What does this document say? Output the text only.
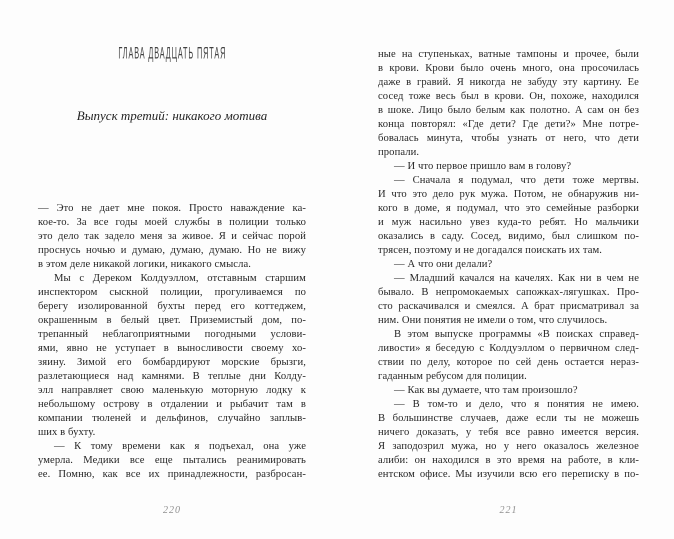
ГЛАВА ДВАДЦАТЬ ПЯТАЯ
Выпуск третий: никакого мотива
— Это не дает мне покоя. Просто наваждение ка-
кое-то. За все годы моей службы в полиции только
это дело так задело меня за живое. Я и сейчас порой
проснусь ночью и думаю, думаю, думаю. Но не вижу
в этом деле никакой логики, никакого смысла.
Мы с Дереком Колдуэллом, отставным старшим
инспектором сыскной полиции, прогуливаемся по
берегу изолированной бухты перед его коттеджем,
окрашенным в белый цвет. Приземистый дом, по-
трепанный неблагоприятными погодными услови-
ями, явно не уступает в выносливости своему хо-
зяину. Зимой его бомбардируют морские брызги,
разлетающиеся над камнями. В теплые дни Колду-
элл направляет свою маленькую моторную лодку к
небольшому острову в отдалении и рыбачит там в
компании тюленей и дельфинов, случайно заплыв-
ших в бухту.
— К тому времени как я подъехал, она уже
умерла. Медики все еще пытались реанимировать
ее. Помню, как все их принадлежности, разбросан-
220
ные на ступеньках, ватные тампоны и прочее, были
в крови. Крови было очень много, она просочилась
даже в гравий. Я никогда не забуду эту картину. Ее
сосед тоже весь был в крови. Он, похоже, находился
в шоке. Лицо было белым как полотно. А сам он без
конца повторял: «Где дети? Где дети?» Мне потре-
бовалась минута, чтобы узнать от него, что дети
пропали.
— И что первое пришло вам в голову?
— Сначала я подумал, что дети тоже мертвы.
И что это дело рук мужа. Потом, не обнаружив ни-
кого в доме, я подумал, что это семейные разборки
и муж насильно увез куда-то ребят. Но мальчики
оказались в саду. Сосед, видимо, был слишком по-
трясен, поэтому и не догадался поискать их там.
— А что они делали?
— Младший качался на качелях. Как ни в чем не
бывало. В непромокаемых сапожках-лягушках. Про-
сто раскачивался и смеялся. А брат присматривал за
ним. Они понятия не имели о том, что случилось.
В этом выпуске программы «В поисках справед-
ливости» я беседую с Колдуэллом о первичном след-
ствии по делу, которое по сей день остается нераз-
гаданным ребусом для полиции.
— Как вы думаете, что там произошло?
— В том-то и дело, что я понятия не имею.
В большинстве случаев, даже если ты не можешь
ничего доказать, у тебя все равно имеется версия.
Я заподозрил мужа, но у него оказалось железное
алиби: он находился в это время на работе, в кли-
ентском офисе. Мы изучили всю его переписку в по-
221
